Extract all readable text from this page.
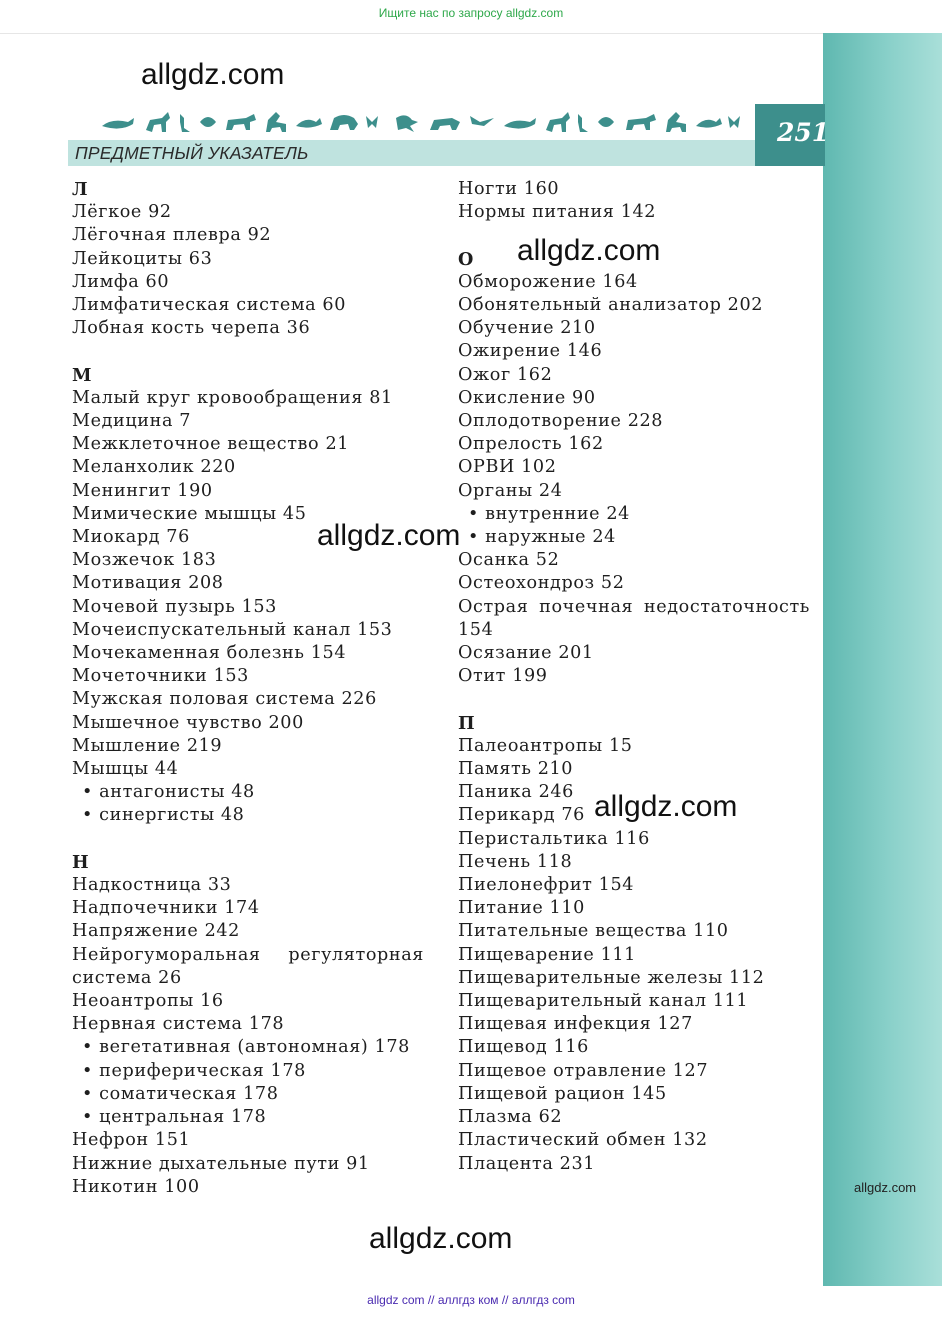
Ищите нас по запросу allgdz.com
251
ПРЕДМЕТНЫЙ УКАЗАТЕЛЬ
Л
Лёгкое 92
Лёгочная плевра 92
Лейкоциты 63
Лимфа 60
Лимфатическая система 60
Лобная кость черепа 36
М
Малый круг кровообращения 81
Медицина 7
Межклеточное вещество 21
Меланхолик 220
Менингит 190
Мимические мышцы 45
Миокард 76
Мозжечок 183
Мотивация 208
Мочевой пузырь 153
Мочеиспускательный канал 153
Мочекаменная болезнь 154
Мочеточники 153
Мужская половая система 226
Мышечное чувство 200
Мышление 219
Мышцы 44
• антагонисты 48
• синергисты 48
Н
Надкостница 33
Надпочечники 174
Напряжение 242
Нейрогуморальная регуляторная
система 26
Неоантропы 16
Нервная система 178
• вегетативная (автономная) 178
• периферическая 178
• соматическая 178
• центральная 178
Нефрон 151
Нижние дыхательные пути 91
Никотин 100
Ногти 160
Нормы питания 142
О
Обморожение 164
Обонятельный анализатор 202
Обучение 210
Ожирение 146
Ожог 162
Окисление 90
Оплодотворение 228
Опрелость 162
ОРВИ 102
Органы 24
• внутренние 24
• наружные 24
Осанка 52
Остеохондроз 52
Острая почечная недостаточность
154
Осязание 201
Отит 199
П
Палеоантропы 15
Память 210
Паника 246
Перикард 76
Перистальтика 116
Печень 118
Пиелонефрит 154
Питание 110
Питательные вещества 110
Пищеварение 111
Пищеварительные железы 112
Пищеварительный канал 111
Пищевая инфекция 127
Пищевод 116
Пищевое отравление 127
Пищевой рацион 145
Плазма 62
Пластический обмен 132
Плацента 231
allgdz.com
allgdz.com
allgdz.com
allgdz.com
allgdz.com
allgdz.com
allgdz com // аллгдз ком // аллгдз com
